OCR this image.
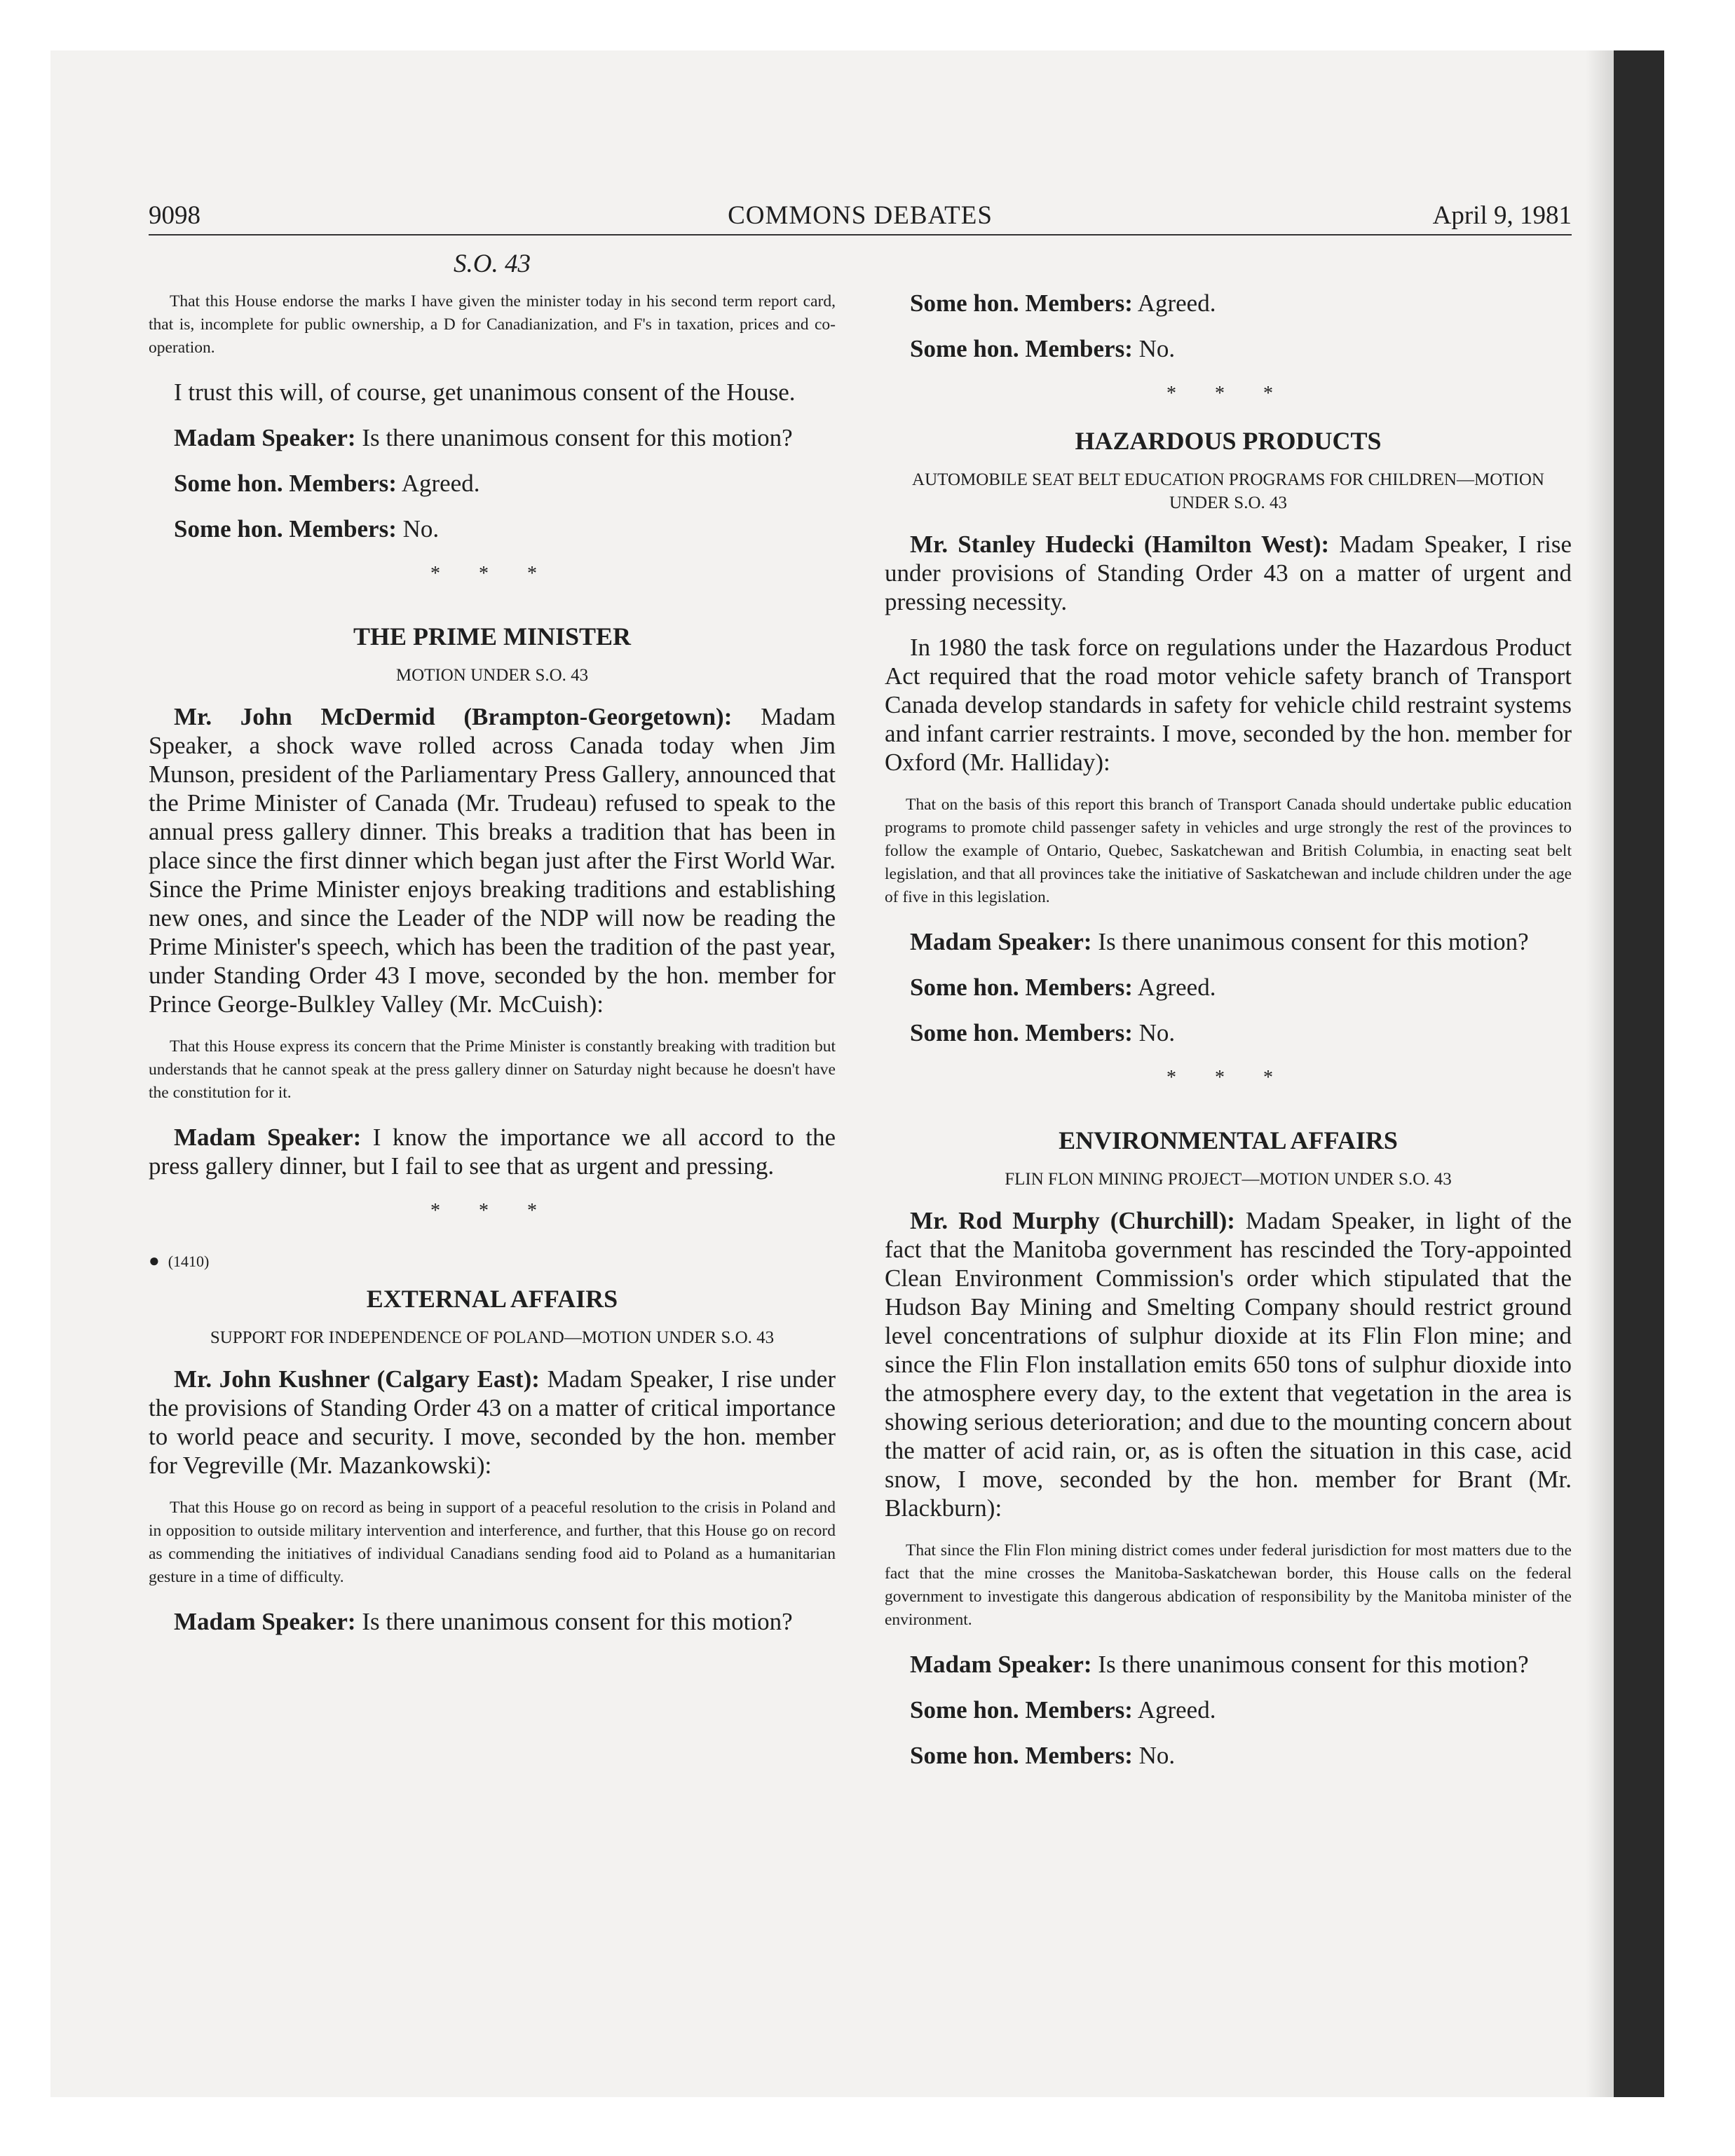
9098	COMMONS DEBATES	April 9, 1981

S.O. 43

That this House endorse the marks I have given the minister today in his second term report card, that is, incomplete for public ownership, a D for Canadianization, and F's in taxation, prices and co-operation.

I trust this will, of course, get unanimous consent of the House.

Madam Speaker: Is there unanimous consent for this motion?

Some hon. Members: Agreed.

Some hon. Members: No.

* * *
THE PRIME MINISTER
MOTION UNDER S.O. 43

Mr. John McDermid (Brampton-Georgetown): Madam Speaker, a shock wave rolled across Canada today when Jim Munson, president of the Parliamentary Press Gallery, announced that the Prime Minister of Canada (Mr. Trudeau) refused to speak to the annual press gallery dinner. This breaks a tradition that has been in place since the first dinner which began just after the First World War. Since the Prime Minister enjoys breaking traditions and establishing new ones, and since the Leader of the NDP will now be reading the Prime Minister's speech, which has been the tradition of the past year, under Standing Order 43 I move, seconded by the hon. member for Prince George-Bulkley Valley (Mr. McCuish):

That this House express its concern that the Prime Minister is constantly breaking with tradition but understands that he cannot speak at the press gallery dinner on Saturday night because he doesn't have the constitution for it.

Madam Speaker: I know the importance we all accord to the press gallery dinner, but I fail to see that as urgent and pressing.

* * *
● (1410)
EXTERNAL AFFAIRS
SUPPORT FOR INDEPENDENCE OF POLAND—MOTION UNDER S.O. 43

Mr. John Kushner (Calgary East): Madam Speaker, I rise under the provisions of Standing Order 43 on a matter of critical importance to world peace and security. I move, seconded by the hon. member for Vegreville (Mr. Mazankowski):

That this House go on record as being in support of a peaceful resolution to the crisis in Poland and in opposition to outside military intervention and interference, and further, that this House go on record as commending the initiatives of individual Canadians sending food aid to Poland as a humanitarian gesture in a time of difficulty.

Madam Speaker: Is there unanimous consent for this motion?

Some hon. Members: Agreed.

Some hon. Members: No.

* * *
HAZARDOUS PRODUCTS
AUTOMOBILE SEAT BELT EDUCATION PROGRAMS FOR CHILDREN—MOTION UNDER S.O. 43

Mr. Stanley Hudecki (Hamilton West): Madam Speaker, I rise under provisions of Standing Order 43 on a matter of urgent and pressing necessity.

In 1980 the task force on regulations under the Hazardous Product Act required that the road motor vehicle safety branch of Transport Canada develop standards in safety for vehicle child restraint systems and infant carrier restraints. I move, seconded by the hon. member for Oxford (Mr. Halliday):

That on the basis of this report this branch of Transport Canada should undertake public education programs to promote child passenger safety in vehicles and urge strongly the rest of the provinces to follow the example of Ontario, Quebec, Saskatchewan and British Columbia, in enacting seat belt legislation, and that all provinces take the initiative of Saskatchewan and include children under the age of five in this legislation.

Madam Speaker: Is there unanimous consent for this motion?

Some hon. Members: Agreed.

Some hon. Members: No.

* * *
ENVIRONMENTAL AFFAIRS
FLIN FLON MINING PROJECT—MOTION UNDER S.O. 43

Mr. Rod Murphy (Churchill): Madam Speaker, in light of the fact that the Manitoba government has rescinded the Tory-appointed Clean Environment Commission's order which stipulated that the Hudson Bay Mining and Smelting Company should restrict ground level concentrations of sulphur dioxide at its Flin Flon mine; and since the Flin Flon installation emits 650 tons of sulphur dioxide into the atmosphere every day, to the extent that vegetation in the area is showing serious deterioration; and due to the mounting concern about the matter of acid rain, or, as is often the situation in this case, acid snow, I move, seconded by the hon. member for Brant (Mr. Blackburn):

That since the Flin Flon mining district comes under federal jurisdiction for most matters due to the fact that the mine crosses the Manitoba-Saskatchewan border, this House calls on the federal government to investigate this dangerous abdication of responsibility by the Manitoba minister of the environment.

Madam Speaker: Is there unanimous consent for this motion?

Some hon. Members: Agreed.

Some hon. Members: No.
